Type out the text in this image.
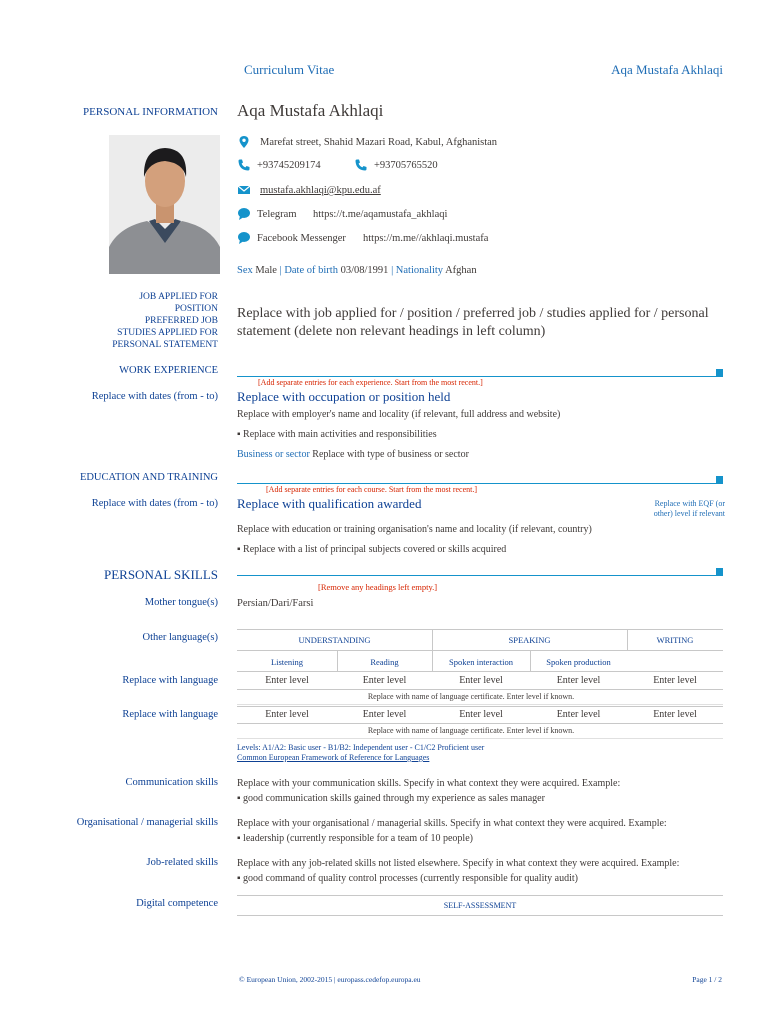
Curriculum Vitae	Aqa Mustafa Akhlaqi
PERSONAL INFORMATION Aqa Mustafa Akhlaqi
Marefat street, Shahid Mazari Road, Kabul, Afghanistan
+93745209174	+93705765520
mustafa.akhlaqi@kpu.edu.af
Telegram https://t.me/aqamustafa_akhlaqi
Facebook Messenger https://m.me//akhlaqi.mustafa
Sex Male | Date of birth 03/08/1991 | Nationality Afghan
JOB APPLIED FOR
POSITION
PREFERRED JOB
STUDIES APPLIED FOR
PERSONAL STATEMENT
Replace with job applied for / position / preferred job / studies applied for / personal statement (delete non relevant headings in left column)
WORK EXPERIENCE
[Add separate entries for each experience. Start from the most recent.]
Replace with dates (from - to) Replace with occupation or position held
Replace with employer's name and locality (if relevant, full address and website)
▪ Replace with main activities and responsibilities
Business or sector Replace with type of business or sector
EDUCATION AND TRAINING
[Add separate entries for each course. Start from the most recent.]
Replace with dates (from - to) Replace with qualification awarded	Replace with EQF (or other) level if relevant
Replace with education or training organisation's name and locality (if relevant, country)
▪ Replace with a list of principal subjects covered or skills acquired
PERSONAL SKILLS
[Remove any headings left empty.]
Mother tongue(s) Persian/Dari/Farsi
Other language(s)	UNDERSTANDING	SPEAKING	WRITING
Listening	Reading	Spoken interaction	Spoken production
Replace with language	Enter level	Enter level	Enter level	Enter level	Enter level
Replace with name of language certificate. Enter level if known.
Replace with language	Enter level	Enter level	Enter level	Enter level	Enter level
Replace with name of language certificate. Enter level if known.
Levels: A1/A2: Basic user - B1/B2: Independent user - C1/C2 Proficient user
Common European Framework of Reference for Languages
Communication skills Replace with your communication skills. Specify in what context they were acquired. Example:
▪ good communication skills gained through my experience as sales manager
Organisational / managerial skills Replace with your organisational / managerial skills. Specify in what context they were acquired. Example:
▪ leadership (currently responsible for a team of 10 people)
Job-related skills Replace with any job-related skills not listed elsewhere. Specify in what context they were acquired. Example:
▪ good command of quality control processes (currently responsible for quality audit)
Digital competence	SELF-ASSESSMENT
© European Union, 2002-2015 | europass.cedefop.europa.eu	Page 1 / 2
